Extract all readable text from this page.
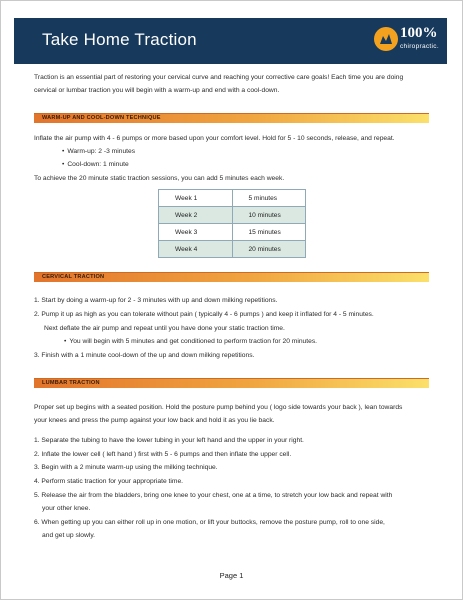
Take Home Traction	100%
chiropractic.
Traction is an essential part of restoring your cervical curve and reaching your corrective care goals! Each time you are doing
cervical or lumbar traction you will begin with a warm-up and end with a cool-down.
WARM-UP AND COOL-DOWN TECHNIQUE
Inflate the air pump with 4 - 6 pumps or more based upon your comfort level. Hold for 5 - 10 seconds, release, and repeat.
• Warm-up: 2 -3 minutes
• Cool-down: 1 minute
To achieve the 20 minute static traction sessions, you can add 5 minutes each week.
Week 1	5 minutes
Week 2	10 minutes
Week 3	15 minutes
Week 4	20 minutes
CERVICAL TRACTION
1. Start by doing a warm-up for 2 - 3 minutes with up and down milking repetitions.
2. Pump it up as high as you can tolerate without pain ( typically 4 - 6 pumps ) and keep it inflated for 4 - 5 minutes.
Next deflate the air pump and repeat until you have done your static traction time.
• You will begin with 5 minutes and get conditioned to perform traction for 20 minutes.
3. Finish with a 1 minute cool-down of the up and down milking repetitions.
LUMBAR TRACTION
Proper set up begins with a seated position. Hold the posture pump behind you ( logo side towards your back ), lean towards
your knees and press the pump against your low back and hold it as you lie back.
1. Separate the tubing to have the lower tubing in your left hand and the upper in your right.
2. Inflate the lower cell ( left hand ) first with 5 - 6 pumps and then inflate the upper cell.
3. Begin with a 2 minute warm-up using the milking technique.
4. Perform static traction for your appropriate time.
5. Release the air from the bladders, bring one knee to your chest, one at a time, to stretch your low back and repeat with
your other knee.
6. When getting up you can either roll up in one motion, or lift your buttocks, remove the posture pump, roll to one side,
and get up slowly.
Page 1
